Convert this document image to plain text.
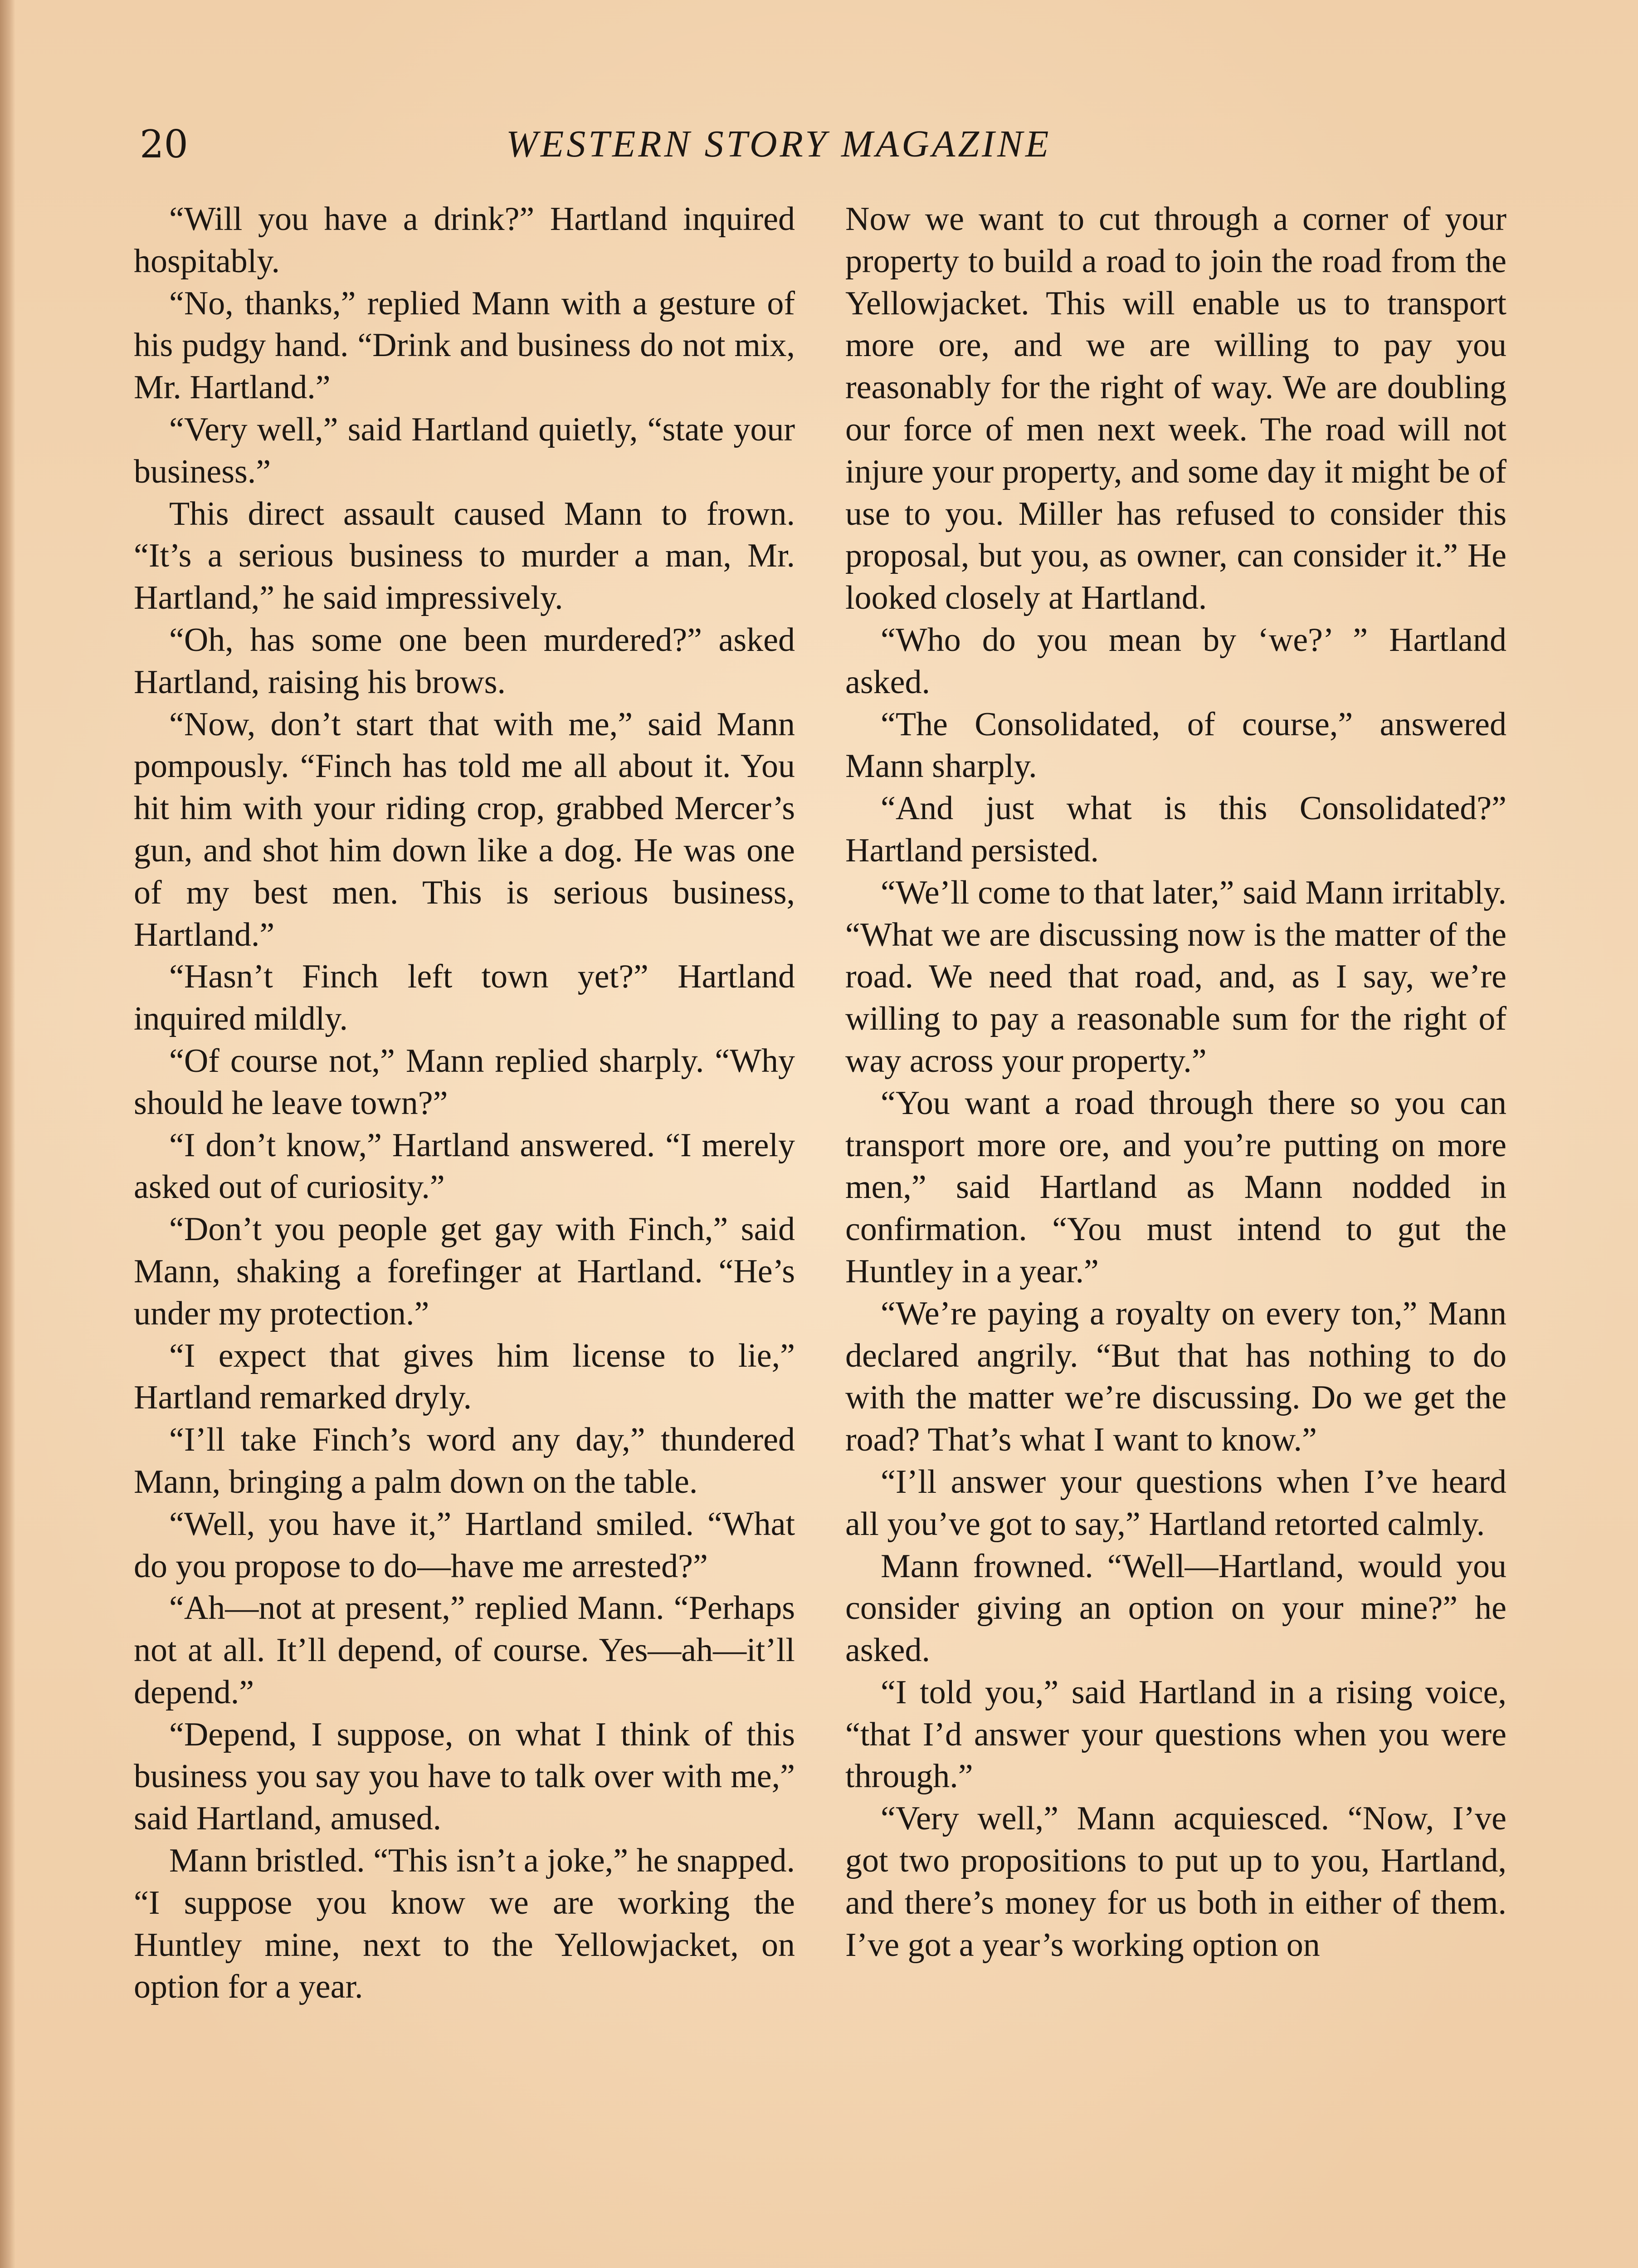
20	WESTERN STORY MAGAZINE

“Will you have a drink?” Hartland inquired hospitably.

“No, thanks,” replied Mann with a gesture of his pudgy hand. “Drink and business do not mix, Mr. Hartland.”

“Very well,” said Hartland quietly, “state your business.”

This direct assault caused Mann to frown. “It’s a serious business to murder a man, Mr. Hartland,” he said impressively.

“Oh, has some one been murdered?” asked Hartland, raising his brows.

“Now, don’t start that with me,” said Mann pompously. “Finch has told me all about it. You hit him with your riding crop, grabbed Mercer’s gun, and shot him down like a dog. He was one of my best men. This is serious business, Hartland.”

“Hasn’t Finch left town yet?” Hartland inquired mildly.

“Of course not,” Mann replied sharply. “Why should he leave town?”

“I don’t know,” Hartland answered. “I merely asked out of curiosity.”

“Don’t you people get gay with Finch,” said Mann, shaking a forefinger at Hartland. “He’s under my protection.”

“I expect that gives him license to lie,” Hartland remarked dryly.

“I’ll take Finch’s word any day,” thundered Mann, bringing a palm down on the table.

“Well, you have it,” Hartland smiled. “What do you propose to do—have me arrested?”

“Ah—not at present,” replied Mann. “Perhaps not at all. It’ll depend, of course. Yes—ah—it’ll depend.”

“Depend, I suppose, on what I think of this business you say you have to talk over with me,” said Hartland, amused.

Mann bristled. “This isn’t a joke,” he snapped. “I suppose you know we are working the Huntley mine, next to the Yellowjacket, on option for a year.

Now we want to cut through a corner of your property to build a road to join the road from the Yellowjacket. This will enable us to transport more ore, and we are willing to pay you reasonably for the right of way. We are doubling our force of men next week. The road will not injure your property, and some day it might be of use to you. Miller has refused to consider this proposal, but you, as owner, can consider it.” He looked closely at Hartland.

“Who do you mean by ‘we?’ ” Hartland asked.

“The Consolidated, of course,” answered Mann sharply.

“And just what is this Consolidated?” Hartland persisted.

“We’ll come to that later,” said Mann irritably. “What we are discussing now is the matter of the road. We need that road, and, as I say, we’re willing to pay a reasonable sum for the right of way across your property.”

“You want a road through there so you can transport more ore, and you’re putting on more men,” said Hartland as Mann nodded in confirmation. “You must intend to gut the Huntley in a year.”

“We’re paying a royalty on every ton,” Mann declared angrily. “But that has nothing to do with the matter we’re discussing. Do we get the road? That’s what I want to know.”

“I’ll answer your questions when I’ve heard all you’ve got to say,” Hartland retorted calmly.

Mann frowned. “Well—Hartland, would you consider giving an option on your mine?” he asked.

“I told you,” said Hartland in a rising voice, “that I’d answer your questions when you were through.”

“Very well,” Mann acquiesced. “Now, I’ve got two propositions to put up to you, Hartland, and there’s money for us both in either of them. I’ve got a year’s working option on
